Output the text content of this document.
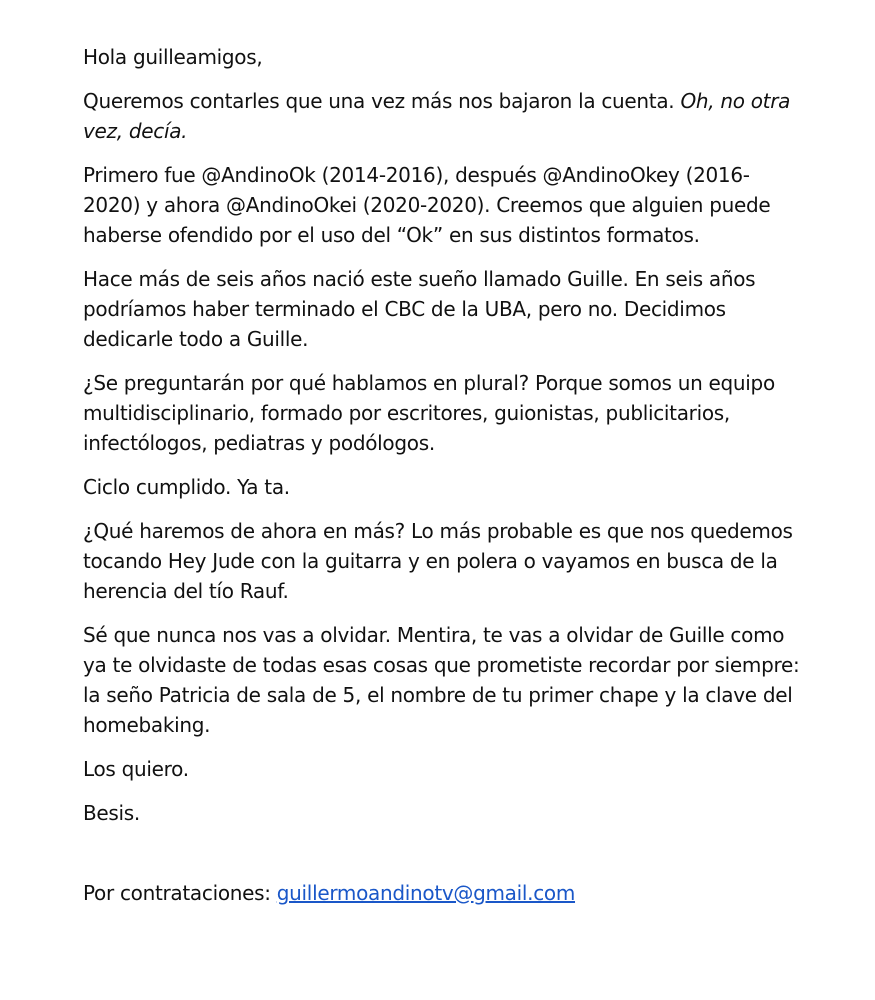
Hola guilleamigos,

Queremos contarles que una vez más nos bajaron la cuenta. Oh, no otra vez, decía.

Primero fue @AndinoOk (2014-2016), después @AndinoOkey (2016-2020) y ahora @AndinoOkei (2020-2020). Creemos que alguien puede haberse ofendido por el uso del “Ok” en sus distintos formatos.

Hace más de seis años nació este sueño llamado Guille. En seis años podríamos haber terminado el CBC de la UBA, pero no. Decidimos dedicarle todo a Guille.

¿Se preguntarán por qué hablamos en plural? Porque somos un equipo multidisciplinario, formado por escritores, guionistas, publicitarios, infectólogos, pediatras y podólogos.

Ciclo cumplido. Ya ta.

¿Qué haremos de ahora en más? Lo más probable es que nos quedemos tocando Hey Jude con la guitarra y en polera o vayamos en busca de la herencia del tío Rauf.

Sé que nunca nos vas a olvidar. Mentira, te vas a olvidar de Guille como ya te olvidaste de todas esas cosas que prometiste recordar por siempre: la seño Patricia de sala de 5, el nombre de tu primer chape y la clave del homebaking.

Los quiero.

Besis.

Por contrataciones: guillermoandinotv@gmail.com
